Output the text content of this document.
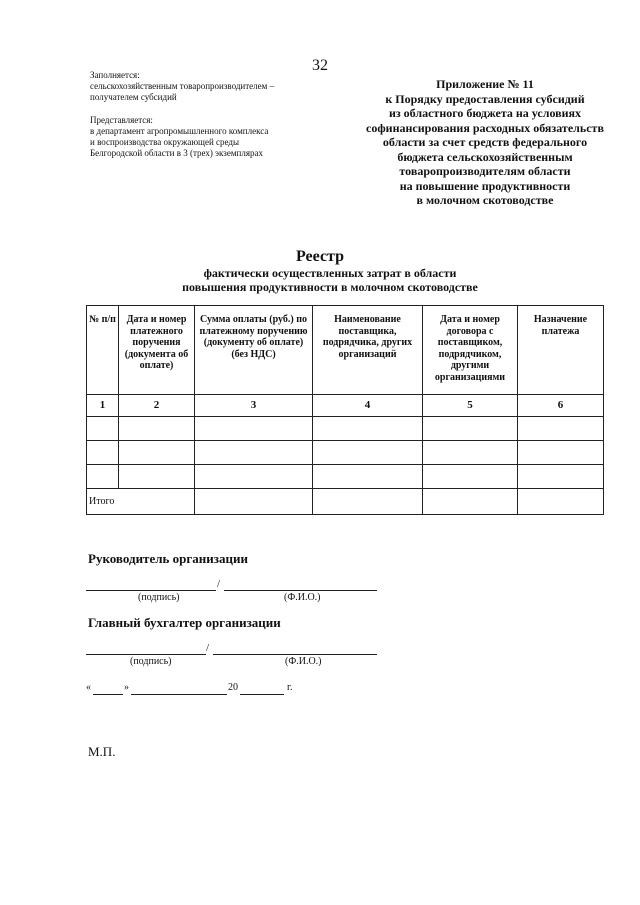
32

Заполняется:

сельскохозяйственным товаропроизводителем –

получателем субсидий

Представляется:

в департамент агропромышленного комплекса

и воспроизводства окружающей среды

Белгородской области в 3 (трех) экземплярах

Приложение № 11
к Порядку предоставления субсидий
из областного бюджета на условиях
софинансирования расходных обязательств
области за счет средств федерального
бюджета сельскохозяйственным
товаропроизводителям области
на повышение продуктивности
в молочном скотоводстве
Реестр
фактически осуществленных затрат в области
повышения продуктивности в молочном скотоводстве
№ п/п	Дата и номер платежного поручения (документа об оплате)	Сумма оплаты (руб.) по платежному поручению (документу об оплате) (без НДС)	Наименование поставщика, подрядчика, других организаций	Дата и номер договора с поставщиком, подрядчиком, другими организациями	Назначение платежа
1	2	3	4	5	6

Итого					
Руководитель организации
/
(подпись)	(Ф.И.О.)
Главный бухгалтер организации
/
(подпись)	(Ф.И.О.)
«	»	20	г.
М.П.
